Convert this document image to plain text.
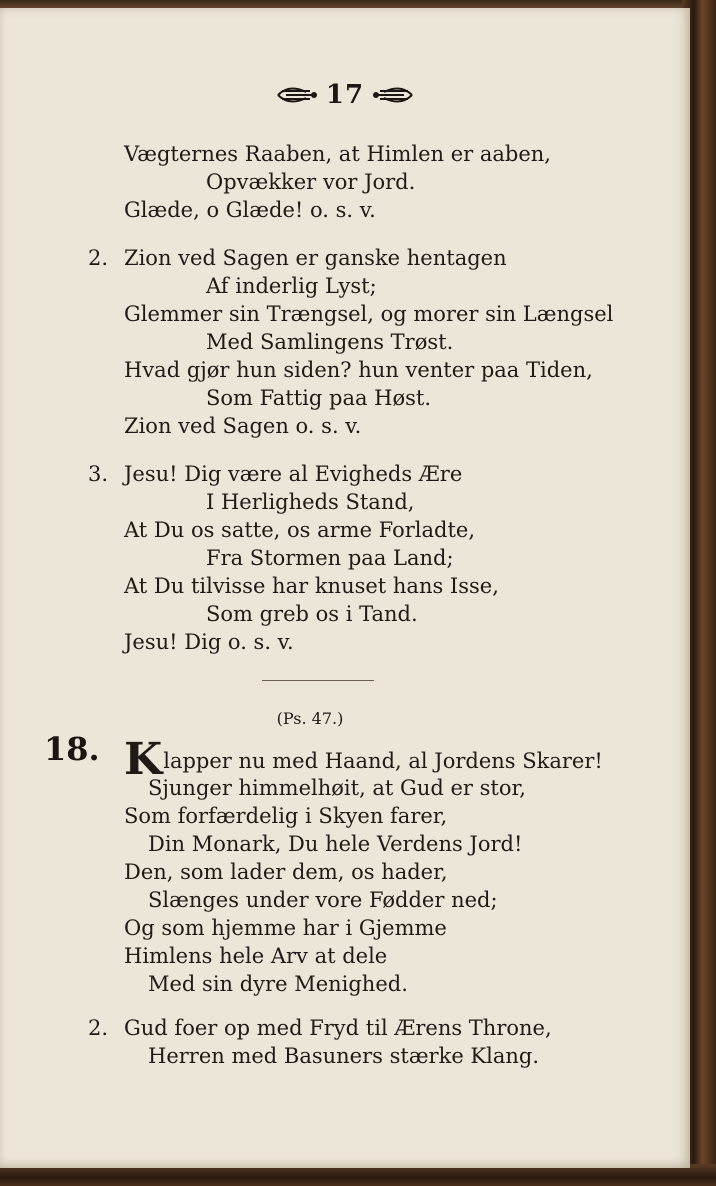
17
Vægternes Raaben, at Himlen er aaben,
Opvækker vor Jord.
Glæde, o Glæde! o. s. v.
2. Zion ved Sagen er ganske hentagen
Af inderlig Lyst;
Glemmer sin Trængsel, og morer sin Længsel
Med Samlingens Trøst.
Hvad gjør hun siden? hun venter paa Tiden,
Som Fattig paa Høst.
Zion ved Sagen o. s. v.
3. Jesu! Dig være al Evigheds Ære
I Herligheds Stand,
At Du os satte, os arme Forladte,
Fra Stormen paa Land;
At Du tilvisse har knuset hans Isse,
Som greb os i Tand.
Jesu! Dig o. s. v.
(Ps. 47.)
18. Klapper nu med Haand, al Jordens Skarer!
Sjunger himmelhøit, at Gud er stor,
Som forfærdelig i Skyen farer,
Din Monark, Du hele Verdens Jord!
Den, som lader dem, os hader,
Slænges under vore Fødder ned;
Og som hjemme har i Gjemme
Himlens hele Arv at dele
Med sin dyre Menighed.
2. Gud foer op med Fryd til Ærens Throne,
Herren med Basuners stærke Klang.
